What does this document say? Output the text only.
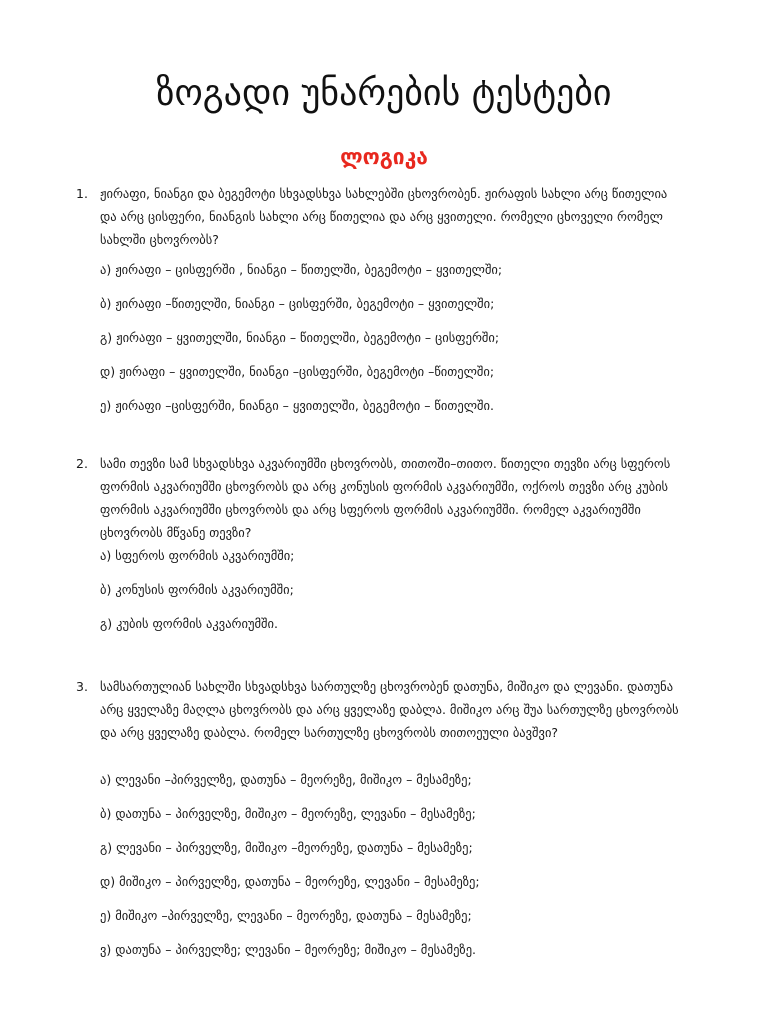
ზოგადი უნარების ტესტები
ლოგიკა
1. ჟირაფი, ნიანგი და ბეგემოტი სხვადსხვა სახლებში ცხოვრობენ. ჟირაფის სახლი არც წითელია და არც ცისფერი, ნიანგის სახლი არც წითელია და არც ყვითელი. რომელი ცხოველი რომელ სახლში ცხოვრობს?

ა) ჟირაფი – ცისფერში , ნიანგი – წითელში, ბეგემოტი – ყვითელში;

ბ) ჟირაფი –წითელში, ნიანგი – ცისფერში, ბეგემოტი – ყვითელში;

გ) ჟირაფი – ყვითელში, ნიანგი – წითელში, ბეგემოტი – ცისფერში;

დ) ჟირაფი – ყვითელში, ნიანგი –ცისფერში, ბეგემოტი –წითელში;

ე) ჟირაფი –ცისფერში, ნიანგი – ყვითელში, ბეგემოტი – წითელში.

2. სამი თევზი სამ სხვადსხვა აკვარიუმში ცხოვრობს, თითოში–თითო. წითელი თევზი არც სფეროს ფორმის აკვარიუმში ცხოვრობს და არც კონუსის ფორმის აკვარიუმში, ოქროს თევზი არც კუბის ფორმის აკვარიუმში ცხოვრობს და არც სფეროს ფორმის აკვარიუმში. რომელ აკვარიუმში ცხოვრობს მწვანე თევზი?

ა) სფეროს ფორმის აკვარიუმში;

ბ) კონუსის ფორმის აკვარიუმში;

გ) კუბის ფორმის აკვარიუმში.

3. სამსართულიან სახლში სხვადსხვა სართულზე ცხოვრობენ დათუნა, მიშიკო და ლევანი. დათუნა არც ყველაზე მაღლა ცხოვრობს და არც ყველაზე დაბლა. მიშიკო არც შუა სართულზე ცხოვრობს და არც ყველაზე დაბლა. რომელ სართულზე ცხოვრობს თითოეული ბავშვი?

ა) ლევანი –პირველზე, დათუნა – მეორეზე, მიშიკო – მესამეზე;

ბ) დათუნა – პირველზე, მიშიკო – მეორეზე, ლევანი – მესამეზე;

გ) ლევანი – პირველზე, მიშიკო –მეორეზე, დათუნა – მესამეზე;

დ) მიშიკო – პირველზე, დათუნა – მეორეზე, ლევანი – მესამეზე;

ე) მიშიკო –პირველზე, ლევანი – მეორეზე, დათუნა – მესამეზე;

ვ) დათუნა – პირველზე; ლევანი – მეორეზე; მიშიკო – მესამეზე.
